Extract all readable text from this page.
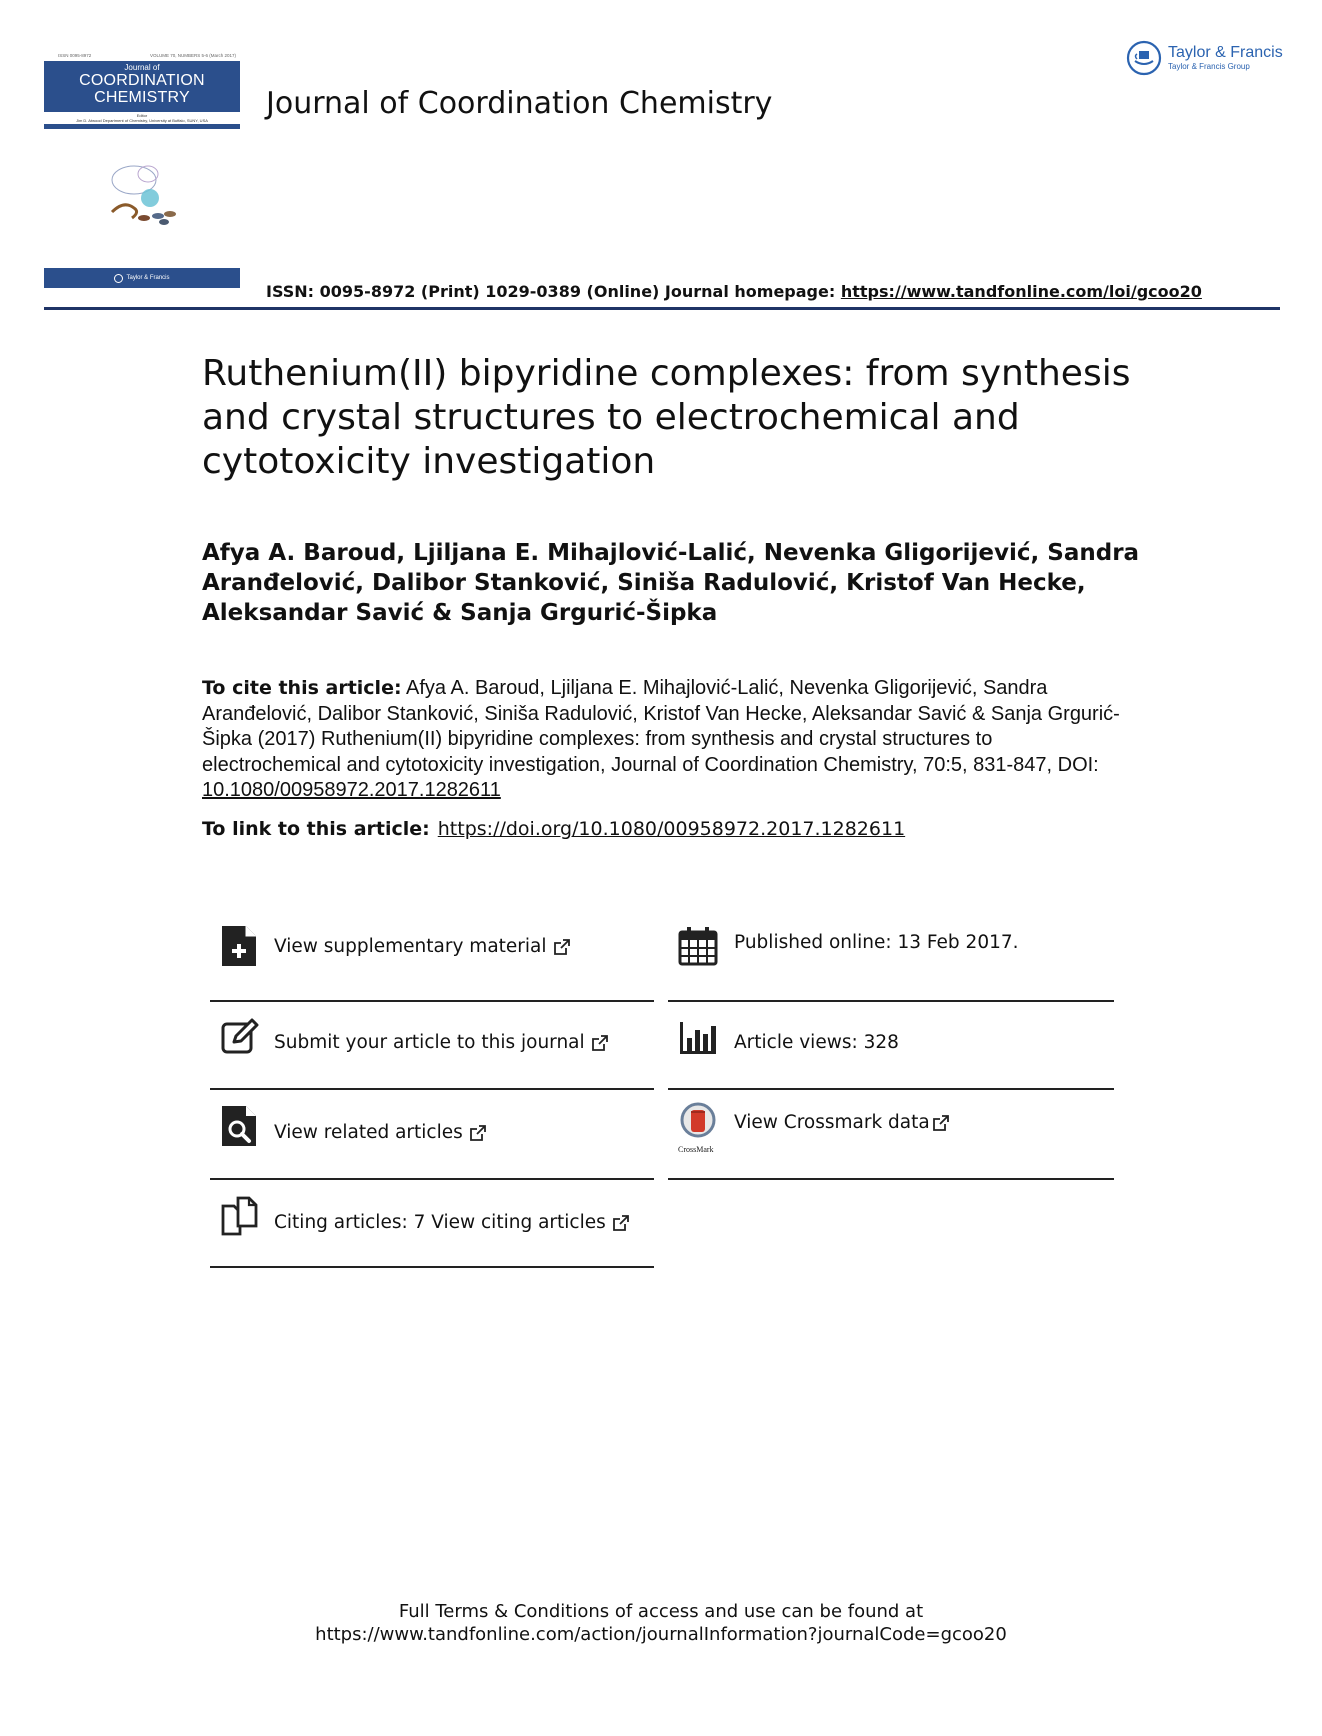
ISSN 0095-8972	VOLUME 70, NUMBERS 5-6 (March 2017)
Journal of
COORDINATION
CHEMISTRY
Editor
Jim D. Atwood Department of Chemistry, University at Buffalo, SUNY, USA
Taylor & Francis
Journal of Coordination Chemistry
Taylor & Francis
Taylor & Francis Group
ISSN: 0095-8972 (Print) 1029-0389 (Online) Journal homepage: https://www.tandfonline.com/loi/gcoo20
Ruthenium(II) bipyridine complexes: from synthesis and crystal structures to electrochemical and cytotoxicity investigation
Afya A. Baroud, Ljiljana E. Mihajlović-Lalić, Nevenka Gligorijević, Sandra Aranđelović, Dalibor Stanković, Siniša Radulović, Kristof Van Hecke, Aleksandar Savić & Sanja Grgurić-Šipka
To cite this article: Afya A. Baroud, Ljiljana E. Mihajlović-Lalić, Nevenka Gligorijević, Sandra Aranđelović, Dalibor Stanković, Siniša Radulović, Kristof Van Hecke, Aleksandar Savić & Sanja Grgurić-Šipka (2017) Ruthenium(II) bipyridine complexes: from synthesis and crystal structures to electrochemical and cytotoxicity investigation, Journal of Coordination Chemistry, 70:5, 831-847, DOI: 10.1080/00958972.2017.1282611
To link to this article: https://doi.org/10.1080/00958972.2017.1282611
View supplementary material
Submit your article to this journal
View related articles
Citing articles: 7 View citing articles
Published online: 13 Feb 2017.
Article views: 328
CrossMark
View Crossmark data
Full Terms & Conditions of access and use can be found at
https://www.tandfonline.com/action/journalInformation?journalCode=gcoo20
